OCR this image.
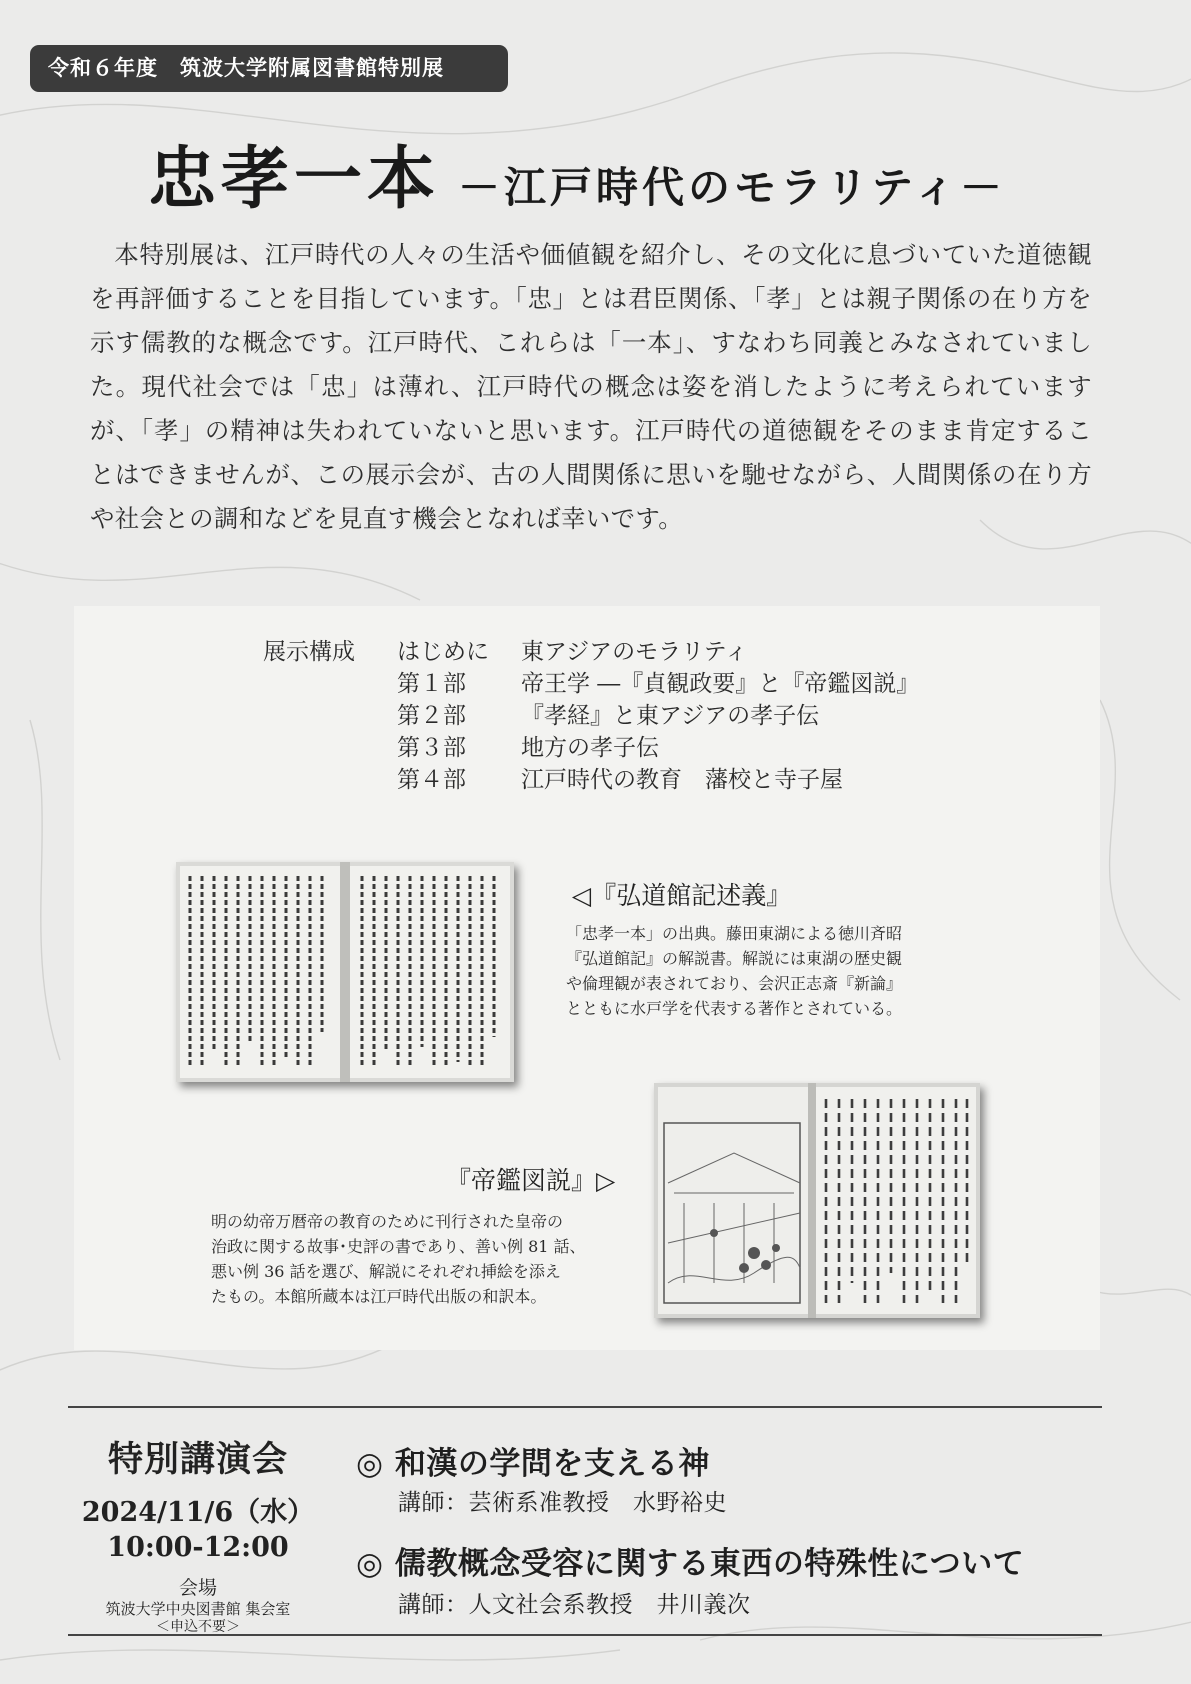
令和６年度　筑波大学附属図書館特別展
忠孝一本 －江戸時代のモラリティ－

本特別展は、江戸時代の人々の生活や価値観を紹介し、その文化に息づいていた道徳観を再評価することを目指しています。「忠」とは君臣関係、「孝」とは親子関係の在り方を示す儒教的な概念です。江戸時代、これらは「一本」、すなわち同義とみなされていました。現代社会では「忠」は薄れ、江戸時代の概念は姿を消したように考えられていますが、「孝」の精神は失われていないと思います。江戸時代の道徳観をそのまま肯定することはできませんが、この展示会が、古の人間関係に思いを馳せながら、人間関係の在り方や社会との調和などを見直す機会となれば幸いです。

展示構成 はじめに 東アジアのモラリティ
第１部 帝王学 ―『貞観政要』と『帝鑑図説』
第２部 『孝経』と東アジアの孝子伝
第３部 地方の孝子伝
第４部 江戸時代の教育　藩校と寺子屋
◁『弘道館記述義』
「忠孝一本」の出典。藤田東湖による徳川斉昭
『弘道館記』の解説書。解説には東湖の歴史観
や倫理観が表されており、会沢正志斎『新論』
とともに水戸学を代表する著作とされている。
『帝鑑図説』▷
明の幼帝万暦帝の教育のために刊行された皇帝の
治政に関する故事･史評の書であり、善い例 81 話、
悪い例 36 話を選び、解説にそれぞれ挿絵を添え
たもの。本館所蔵本は江戸時代出版の和訳本。
特別講演会
2024/11/6（水）
10:00-12:00
会場
筑波大学中央図書館 集会室
＜申込不要＞
◎ 和漢の学問を支える神
講師：芸術系准教授　水野裕史
◎ 儒教概念受容に関する東西の特殊性について
講師：人文社会系教授　井川義次
